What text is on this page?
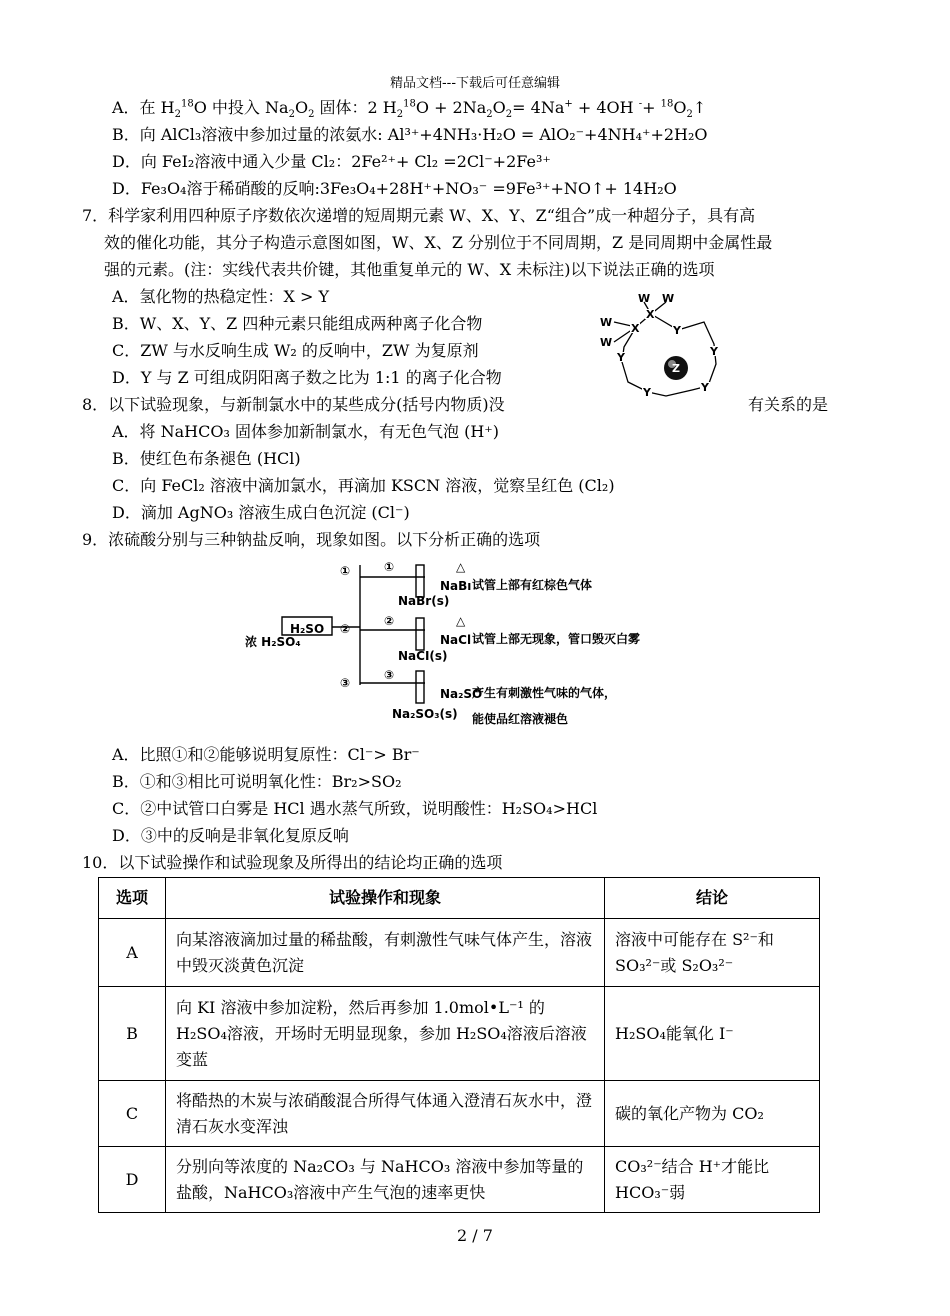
精品文档---下载后可任意编辑
A．在 $H_2^{18}O$ 中投入 $Na_2O_2$ 固体：2 $H_2^{18}O + 2Na_2O_2= 4Na^+ + 4OH$ $^-+ ^{18}O_2↑$
B．向 AlCl₃溶液中参加过量的浓氨水: Al³⁺+4NH₃·H₂O = AlO₂⁻+4NH₄⁺+2H₂O
D．向 FeI₂溶液中通入少量 Cl₂：2Fe²⁺+ Cl₂ =2Cl⁻+2Fe³⁺
D．Fe₃O₄溶于稀硝酸的反响:3Fe₃O₄+28H⁺+NO₃⁻ =9Fe³⁺+NO↑+ 14H₂O
7．科学家利用四种原子序数依次递增的短周期元素 W、X、Y、Z“组合”成一种超分子，具有高
效的催化功能，其分子构造示意图如图，W、X、Z 分别位于不同周期，Z 是同周期中金属性最
强的元素。(注：实线代表共价键，其他重复单元的 W、X 未标注)以下说法正确的选项
A．氢化物的热稳定性：X > Y
B．W、X、Y、Z 四种元素只能组成两种离子化合物
C．ZW 与水反响生成 W₂ 的反响中，ZW 为复原剂
D．Y 与 Z 可组成阴阳离子数之比为 1:1 的离子化合物
X
X
Y
Y
Y
Y	Y
W
W
W W
Z
8．以下试验现象，与新制氯水中的某些成分(括号内物质)没	有关系的是
A．将 NaHCO₃ 固体参加新制氯水，有无色气泡 (H⁺)
B．使红色布条褪色 (HCl)
C．向 FeCl₂ 溶液中滴加氯水，再滴加 KSCN 溶液，觉察呈红色 (Cl₂)
D．滴加 AgNO₃ 溶液生成白色沉淀 (Cl⁻)
9．浓硫酸分别与三种钠盐反响，现象如图。以下分析正确的选项
浓 H₂SO₄
H₂SO
①
②
③
①
②
③
△
△
NaBı
NaCl
Na₂SO
NaBr(s)
NaCI(s)
Na₂SO₃(s)
试管上部有红棕色气体
试管上部无现象，管口毁灭白雾
产生有刺激性气味的气体，
能使品红溶液褪色
A．比照①和②能够说明复原性：Cl⁻> Br⁻
B．①和③相比可说明氧化性：Br₂>SO₂
C．②中试管口白雾是 HCl 遇水蒸气所致，说明酸性：H₂SO₄>HCl
D．③中的反响是非氧化复原反响
10．以下试验操作和试验现象及所得出的结论均正确的选项
选项	试验操作和现象	结论
A	向某溶液滴加过量的稀盐酸，有刺激性气味气体产生，溶液中毁灭淡黄色沉淀	溶液中可能存在 S²⁻和 SO₃²⁻或 S₂O₃²⁻
B	向 KI 溶液中参加淀粉，然后再参加 1.0mol•L⁻¹ 的 H₂SO₄溶液，开场时无明显现象，参加 H₂SO₄溶液后溶液变蓝	H₂SO₄能氧化 I⁻
C	将酷热的木炭与浓硝酸混合所得气体通入澄清石灰水中，澄清石灰水变浑浊	碳的氧化产物为 CO₂
D	分别向等浓度的 Na₂CO₃ 与 NaHCO₃ 溶液中参加等量的盐酸，NaHCO₃溶液中产生气泡的速率更快	CO₃²⁻结合 H⁺才能比 HCO₃⁻弱
2 / 7
